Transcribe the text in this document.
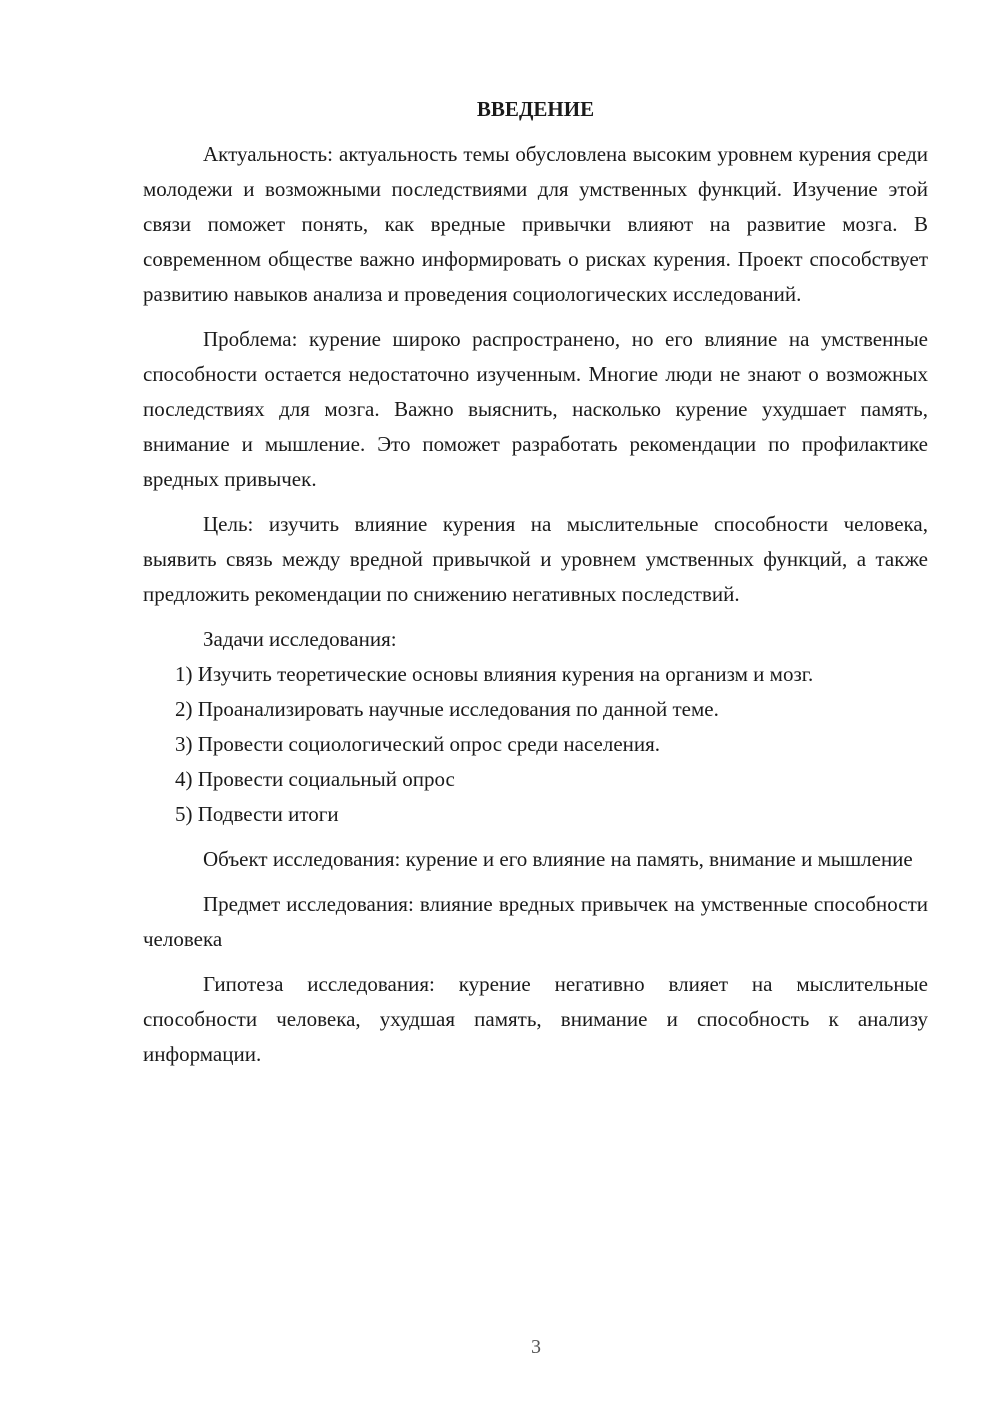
ВВЕДЕНИЕ

Актуальность: актуальность темы обусловлена высоким уровнем курения среди молодежи и возможными последствиями для умственных функций. Изучение этой связи поможет понять, как вредные привычки влияют на развитие мозга. В современном обществе важно информировать о рисках курения. Проект способствует развитию навыков анализа и проведения социологических исследований.

Проблема: курение широко распространено, но его влияние на умственные способности остается недостаточно изученным. Многие люди не знают о возможных последствиях для мозга. Важно выяснить, насколько курение ухудшает память, внимание и мышление. Это поможет разработать рекомендации по профилактике вредных привычек.

Цель: изучить влияние курения на мыслительные способности человека, выявить связь между вредной привычкой и уровнем умственных функций, а также предложить рекомендации по снижению негативных последствий.

Задачи исследования:

1) Изучить теоретические основы влияния курения на организм и мозг.

2) Проанализировать научные исследования по данной теме.

3) Провести социологический опрос среди населения.

4) Провести социальный опрос

5) Подвести итоги

Объект исследования: курение и его влияние на память, внимание и мышление

Предмет исследования: влияние вредных привычек на умственные способности человека

Гипотеза исследования: курение негативно влияет на мыслительные способности человека, ухудшая память, внимание и способность к анализу информации.

3
